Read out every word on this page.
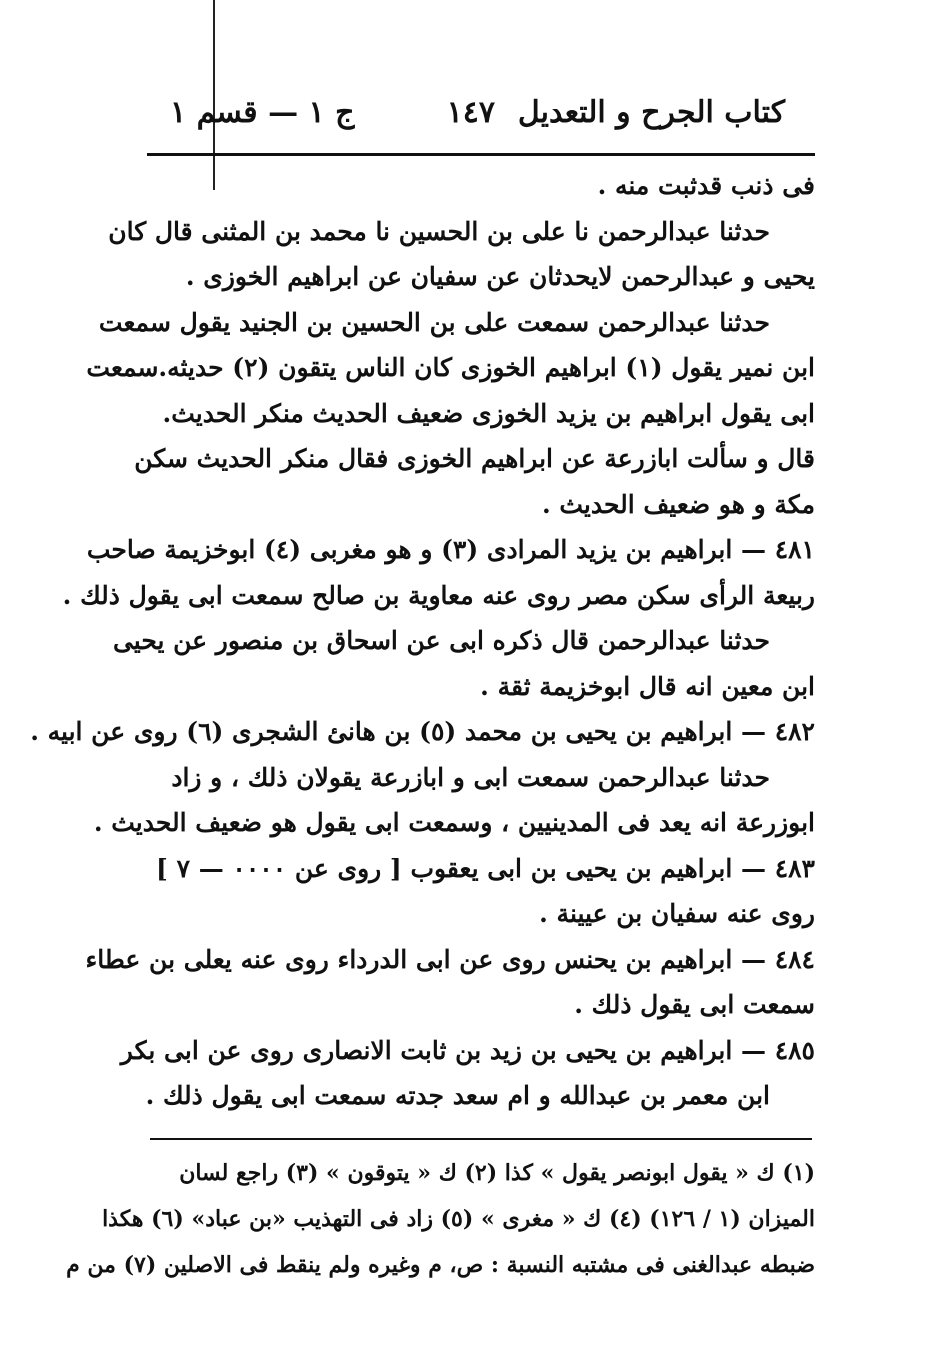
كتاب الجرح و التعديل
١٤٧
ج ١ — قسم ١
فى ذنب قدثبت منه .
حدثنا عبدالرحمن نا على بن الحسين نا محمد بن المثنى قال كان
يحيى و عبدالرحمن لايحدثان عن سفيان عن ابراهيم الخوزى .
حدثنا عبدالرحمن سمعت على بن الحسين بن الجنيد يقول سمعت
ابن نمير يقول (١) ابراهيم الخوزى كان الناس يتقون (٢) حديثه.سمعت
ابى يقول ابراهيم بن يزيد الخوزى ضعيف الحديث منكر الحديث.
قال و سألت ابازرعة عن ابراهيم الخوزى فقال منكر الحديث سكن
مكة و هو ضعيف الحديث .
٤٨١ — ابراهيم بن يزيد المرادى (٣) و هو مغربى (٤) ابوخزيمة صاحب
ربيعة الرأى سكن مصر روى عنه معاوية بن صالح سمعت ابى يقول ذلك .
حدثنا عبدالرحمن قال ذكره ابى عن اسحاق بن منصور عن يحيى
ابن معين انه قال ابوخزيمة ثقة .
٤٨٢ — ابراهيم بن يحيى بن محمد (٥) بن هانئ الشجرى (٦) روى عن ابيه .
حدثنا عبدالرحمن سمعت ابى و ابازرعة يقولان ذلك ، و زاد
ابوزرعة انه يعد فى المدينيين ، وسمعت ابى يقول هو ضعيف الحديث .
٤٨٣ — ابراهيم بن يحيى بن ابى يعقوب [ روى عن ٠٠٠٠ — ٧ ]
روى عنه سفيان بن عيينة .
٤٨٤ — ابراهيم بن يحنس روى عن ابى الدرداء روى عنه يعلى بن عطاء
سمعت ابى يقول ذلك .
٤٨٥ — ابراهيم بن يحيى بن زيد بن ثابت الانصارى روى عن ابى بكر
ابن معمر بن عبدالله و ام سعد جدته سمعت ابى يقول ذلك .
(١) ك « يقول ابونصر يقول » كذا (٢) ك « يتوقون » (٣) راجع لسان
الميزان (١ / ١٢٦) (٤) ك « مغرى » (٥) زاد فى التهذيب «بن عباد» (٦) هكذا
ضبطه عبدالغنى فى مشتبه النسبة : ص، م وغيره ولم ينقط فى الاصلين (٧) من م
